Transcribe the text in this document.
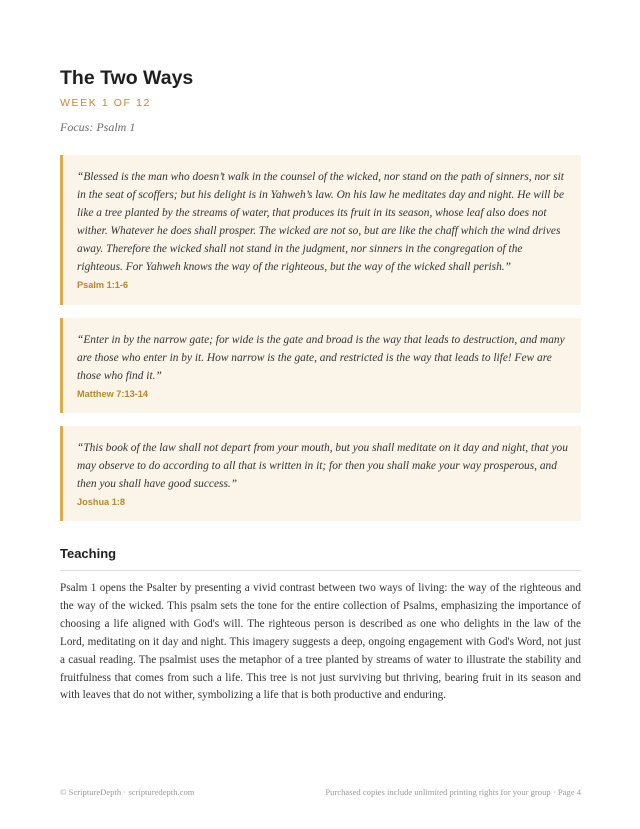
The Two Ways
WEEK 1 OF 12
Focus: Psalm 1

“Blessed is the man who doesn’t walk in the counsel of the wicked, nor stand on the path of sinners, nor sit in the seat of scoffers; but his delight is in Yahweh’s law. On his law he meditates day and night. He will be like a tree planted by the streams of water, that produces its fruit in its season, whose leaf also does not wither. Whatever he does shall prosper. The wicked are not so, but are like the chaff which the wind drives away. Therefore the wicked shall not stand in the judgment, nor sinners in the congregation of the righteous. For Yahweh knows the way of the righteous, but the way of the wicked shall perish.”

Psalm 1:1-6

“Enter in by the narrow gate; for wide is the gate and broad is the way that leads to destruction, and many are those who enter in by it. How narrow is the gate, and restricted is the way that leads to life! Few are those who find it.”

Matthew 7:13-14

“This book of the law shall not depart from your mouth, but you shall meditate on it day and night, that you may observe to do according to all that is written in it; for then you shall make your way prosperous, and then you shall have good success.”

Joshua 1:8
Teaching

Psalm 1 opens the Psalter by presenting a vivid contrast between two ways of living: the way of the righteous and the way of the wicked. This psalm sets the tone for the entire collection of Psalms, emphasizing the importance of choosing a life aligned with God's will. The righteous person is described as one who delights in the law of the Lord, meditating on it day and night. This imagery suggests a deep, ongoing engagement with God's Word, not just a casual reading. The psalmist uses the metaphor of a tree planted by streams of water to illustrate the stability and fruitfulness that comes from such a life. This tree is not just surviving but thriving, bearing fruit in its season and with leaves that do not wither, symbolizing a life that is both productive and enduring.

© ScriptureDepth · scripturedepth.com	Purchased copies include unlimited printing rights for your group · Page 4
